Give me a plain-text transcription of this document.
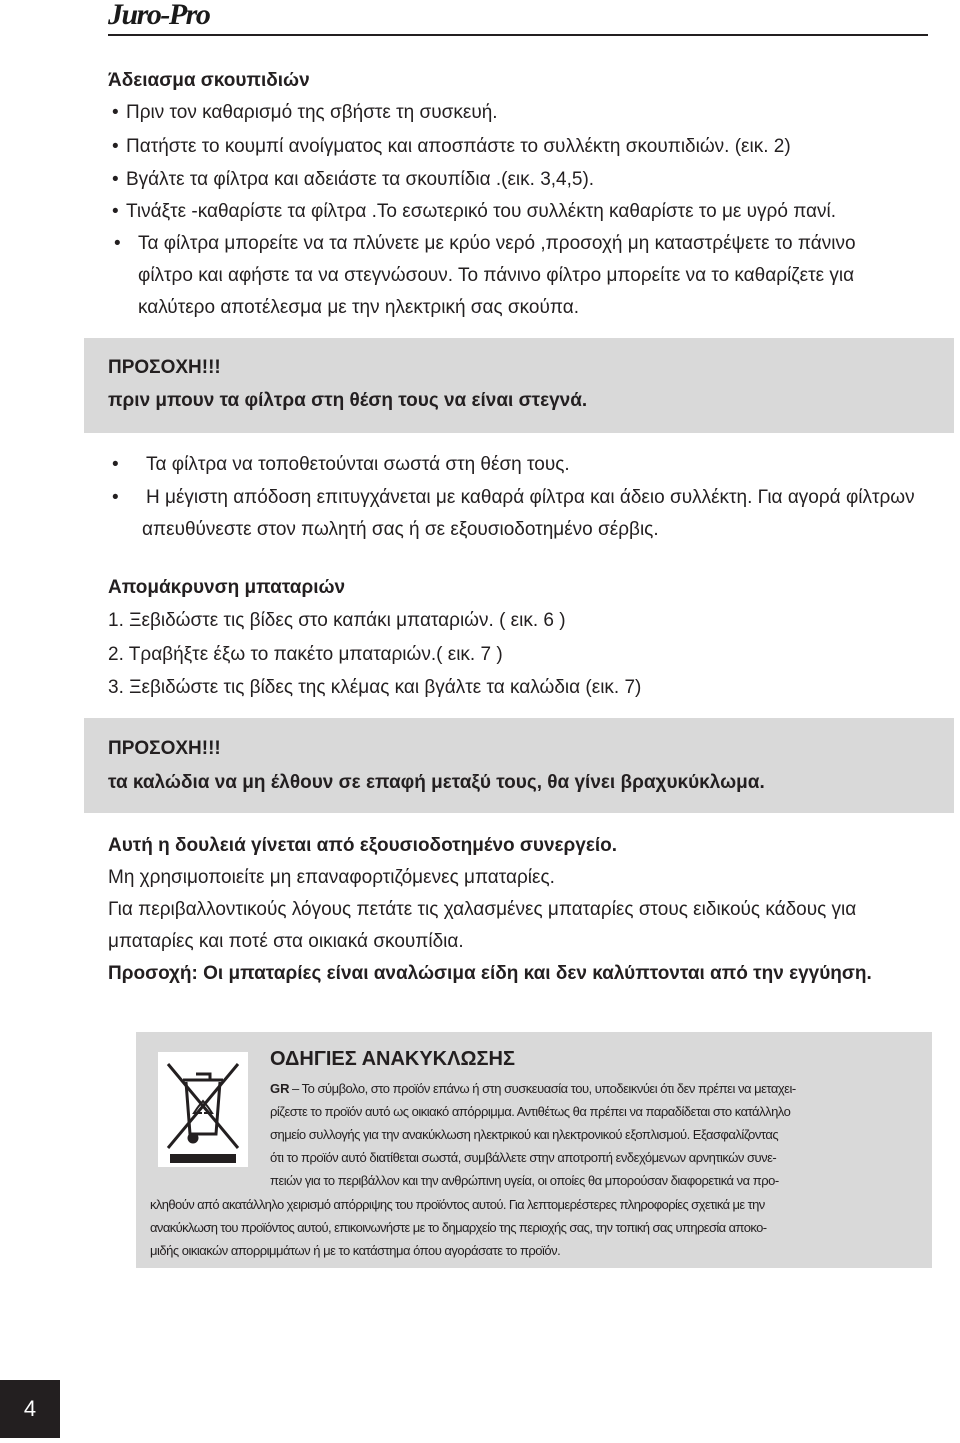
Juro-Pro
Άδειασμα σκουπιδιών
• Πριν τον καθαρισμό της σβήστε τη συσκευή.
• Πατήστε το κουμπί ανοίγματος και αποσπάστε το συλλέκτη σκουπιδιών. (εικ. 2)
• Βγάλτε τα φίλτρα και αδειάστε τα σκουπίδια .(εικ. 3,4,5).
• Τινάξτε -καθαρίστε τα φίλτρα .Το εσωτερικό του συλλέκτη καθαρίστε το με υγρό πανί.
• Τα φίλτρα μπορείτε να τα πλύνετε με κρύο νερό ,προσοχή μη καταστρέψετε το πάνινο
φίλτρο και αφήστε τα να στεγνώσουν. Το πάνινο φίλτρο μπορείτε να το καθαρίζετε για
καλύτερο αποτέλεσμα με την ηλεκτρική σας σκούπα.
ΠΡΟΣΟΧΗ!!!
πριν μπουν τα φίλτρα στη θέση τους να είναι στεγνά.
• Τα φίλτρα να τοποθετούνται σωστά στη θέση τους.
• Η μέγιστη απόδοση επιτυγχάνεται με καθαρά φίλτρα και άδειο συλλέκτη. Για αγορά φίλτρων
απευθύνεστε στον πωλητή σας ή σε εξουσιοδοτημένο σέρβις.
Απομάκρυνση μπαταριών
1. Ξεβιδώστε τις βίδες στο καπάκι μπαταριών. ( εικ. 6 )
2. Τραβήξτε έξω το πακέτο μπαταριών.( εικ. 7 )
3. Ξεβιδώστε τις βίδες της κλέμας και βγάλτε τα καλώδια (εικ. 7)
ΠΡΟΣΟΧΗ!!!
τα καλώδια να μη έλθουν σε επαφή μεταξύ τους, θα γίνει βραχυκύκλωμα.
Αυτή η δουλειά γίνεται από εξουσιοδοτημένο συνεργείο.
Μη χρησιμοποιείτε μη επαναφορτιζόμενες μπαταρίες.
Για περιβαλλοντικούς λόγους πετάτε τις χαλασμένες μπαταρίες στους ειδικούς κάδους για
μπαταρίες και ποτέ στα οικιακά σκουπίδια.
Προσοχή: Οι μπαταρίες είναι αναλώσιμα είδη και δεν καλύπτονται από την εγγύηση.
ΟΔΗΓΙΕΣ ΑΝΑΚΥΚΛΩΣΗΣ
GR – Το σύμβολο, στο προϊόν επάνω ή στη συσκευασία του, υποδεικνύει ότι δεν πρέπει να μεταχει-
ρίζεστε το προϊόν αυτό ως οικιακό απόρριμμα. Αντιθέτως θα πρέπει να παραδίδεται στο κατάλληλο
σημείο συλλογής για την ανακύκλωση ηλεκτρικού και ηλεκτρονικού εξοπλισμού. Εξασφαλίζοντας
ότι το προϊόν αυτό διατίθεται σωστά, συμβάλλετε στην αποτροπή ενδεχόμενων αρνητικών συνε-
πειών για το περιβάλλον και την ανθρώπινη υγεία, οι οποίες θα μπορούσαν διαφορετικά να προ-
κληθούν από ακατάλληλο χειρισμό απόρριψης του προϊόντος αυτού. Για λεπτομερέστερες πληροφορίες σχετικά με την
ανακύκλωση του προϊόντος αυτού, επικοινωνήστε με το δημαρχείο της περιοχής σας, την τοπική σας υπηρεσία αποκο-
μιδής οικιακών απορριμμάτων ή με το κατάστημα όπου αγοράσατε το προϊόν.
4
